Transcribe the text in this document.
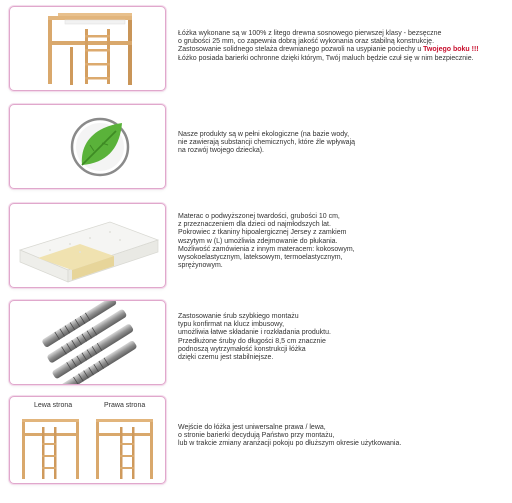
Łóżka wykonane są w 100% z litego drewna sosnowego pierwszej klasy - bezsęczne

o grubości 25 mm, co zapewnia dobrą jakość wykonania oraz stabilną konstrukcję.

Zastosowanie solidnego stelaża drewnianego pozwoli na usypianie pociechy u Twojego boku !!!

Łóżko posiada barierki ochronne dzięki którym, Twój maluch będzie czuł się w nim bezpiecznie.

Nasze produkty są w pełni ekologiczne (na bazie wody,

nie zawierają substancji chemicznych, które źle wpływają

na rozwój twojego dziecka).

Materac o podwyższonej twardości, grubości 10 cm,

z przeznaczeniem dla dzieci od najmłodszych lat.

Pokrowiec z tkaniny hipoalergicznej Jersey z zamkiem

wszytym w (L) umożliwia zdejmowanie do płukania.

Możliwość zamówienia z innym materacem: kokosowym,

wysokoelastycznym, lateksowym, termoelastycznym,

sprężynowym.

Zastosowanie śrub szybkiego montażu

typu konfirmat na klucz imbusowy,

umożliwia łatwe składanie i rozkładania produktu.

Przedłużone śruby do długości 8,5 cm znacznie

podnoszą wytrzymałość konstrukcji łóżka

dzięki czemu jest stabilniejsze.

Lewa strona	Prawa strona

Wejście do łóżka jest uniwersalne prawa / lewa,

o stronie barierki decydują Państwo przy montażu,

lub w trakcie zmiany aranżacji pokoju po dłuższym okresie użytkowania.
